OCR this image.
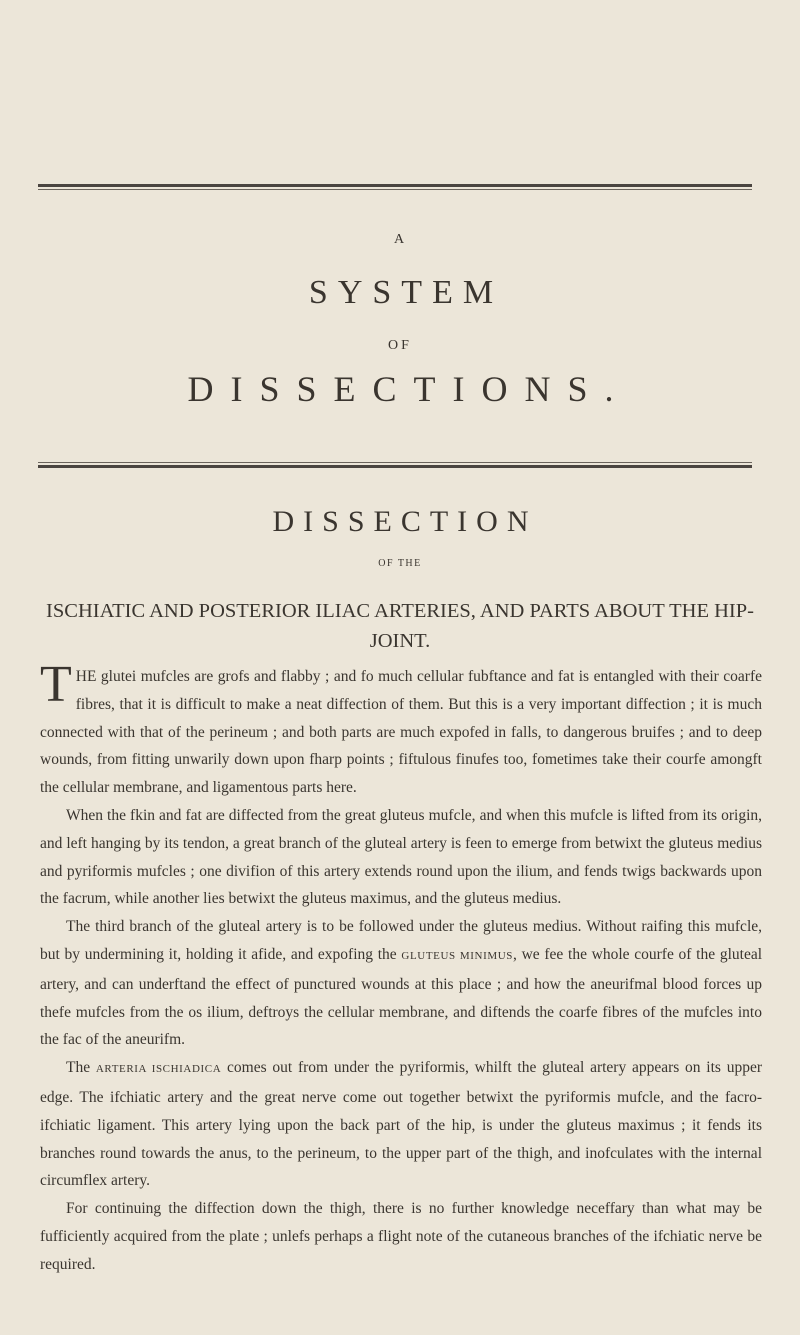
A
SYSTEM
OF
DISSECTIONS.
DISSECTION
OF THE
ISCHIATIC AND POSTERIOR ILIAC ARTERIES, AND PARTS ABOUT THE HIP-JOINT.

THE glutei mufcles are grofs and flabby ; and fo much cellular fubftance and fat is entangled with their coarfe fibres, that it is difficult to make a neat diffection of them. But this is a very important diffection ; it is much connected with that of the perineum ; and both parts are much expofed in falls, to dangerous bruifes ; and to deep wounds, from fitting unwarily down upon fharp points ; fiftulous finufes too, fometimes take their courfe amongft the cellular membrane, and ligamentous parts here.

When the fkin and fat are diffected from the great gluteus mufcle, and when this mufcle is lifted from its origin, and left hanging by its tendon, a great branch of the gluteal artery is feen to emerge from betwixt the gluteus medius and pyriformis mufcles ; one divifion of this artery extends round upon the ilium, and fends twigs backwards upon the facrum, while another lies betwixt the gluteus maximus, and the gluteus medius.

The third branch of the gluteal artery is to be followed under the gluteus medius. Without raifing this mufcle, but by undermining it, holding it afide, and expofing the GLUTEUS MINIMUS, we fee the whole courfe of the gluteal artery, and can underftand the effect of punctured wounds at this place ; and how the aneurifmal blood forces up thefe mufcles from the os ilium, deftroys the cellular membrane, and diftends the coarfe fibres of the mufcles into the fac of the aneurifm.

The ARTERIA ISCHIADICA comes out from under the pyriformis, whilft the gluteal artery appears on its upper edge. The ifchiatic artery and the great nerve come out together betwixt the pyriformis mufcle, and the facro-ifchiatic ligament. This artery lying upon the back part of the hip, is under the gluteus maximus ; it fends its branches round towards the anus, to the perineum, to the upper part of the thigh, and inofculates with the internal circumflex artery.

For continuing the diffection down the thigh, there is no further knowledge neceffary than what may be fufficiently acquired from the plate ; unlefs perhaps a flight note of the cutaneous branches of the ifchiatic nerve be required.
